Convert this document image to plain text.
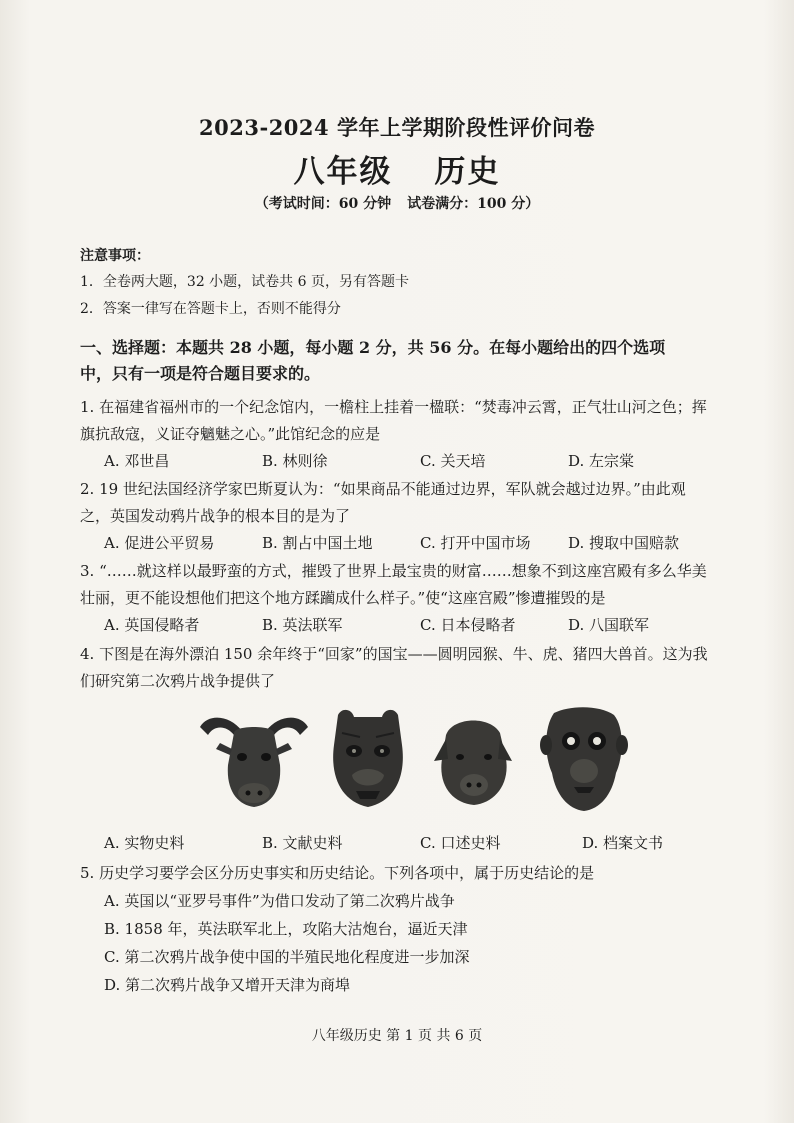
2023-2024 学年上学期阶段性评价问卷
八年级 历史
（考试时间：60 分钟 试卷满分：100 分）
注意事项：
1．全卷两大题，32 小题，试卷共 6 页，另有答题卡
2．答案一律写在答题卡上，否则不能得分
一、选择题：本题共 28 小题，每小题 2 分，共 56 分。在每小题给出的四个选项
中，只有一项是符合题目要求的。
1. 在福建省福州市的一个纪念馆内，一檐柱上挂着一楹联：“焚毒冲云霄，正气壮山河之色；挥
旗抗敌寇，义证夺魑魅之心。”此馆纪念的应是
A. 邓世昌	B. 林则徐	C. 关天培	D. 左宗棠
2. 19 世纪法国经济学家巴斯夏认为：“如果商品不能通过边界，军队就会越过边界。”由此观
之，英国发动鸦片战争的根本目的是为了
A. 促进公平贸易	B. 割占中国土地	C. 打开中国市场	D. 搜取中国赔款
3. “……就这样以最野蛮的方式，摧毁了世界上最宝贵的财富……想象不到这座宫殿有多么华美
壮丽，更不能设想他们把这个地方蹂躏成什么样子。”使“这座宫殿”惨遭摧毁的是
A. 英国侵略者	B. 英法联军	C. 日本侵略者	D. 八国联军
4. 下图是在海外漂泊 150 余年终于“回家”的国宝——圆明园猴、牛、虎、猪四大兽首。这为我
们研究第二次鸦片战争提供了
A. 实物史料	B. 文献史料	C. 口述史料	D. 档案文书
5. 历史学习要学会区分历史事实和历史结论。下列各项中，属于历史结论的是
A. 英国以“亚罗号事件”为借口发动了第二次鸦片战争
B. 1858 年，英法联军北上，攻陷大沽炮台，逼近天津
C. 第二次鸦片战争使中国的半殖民地化程度进一步加深
D. 第二次鸦片战争又增开天津为商埠
八年级历史 第 1 页 共 6 页
